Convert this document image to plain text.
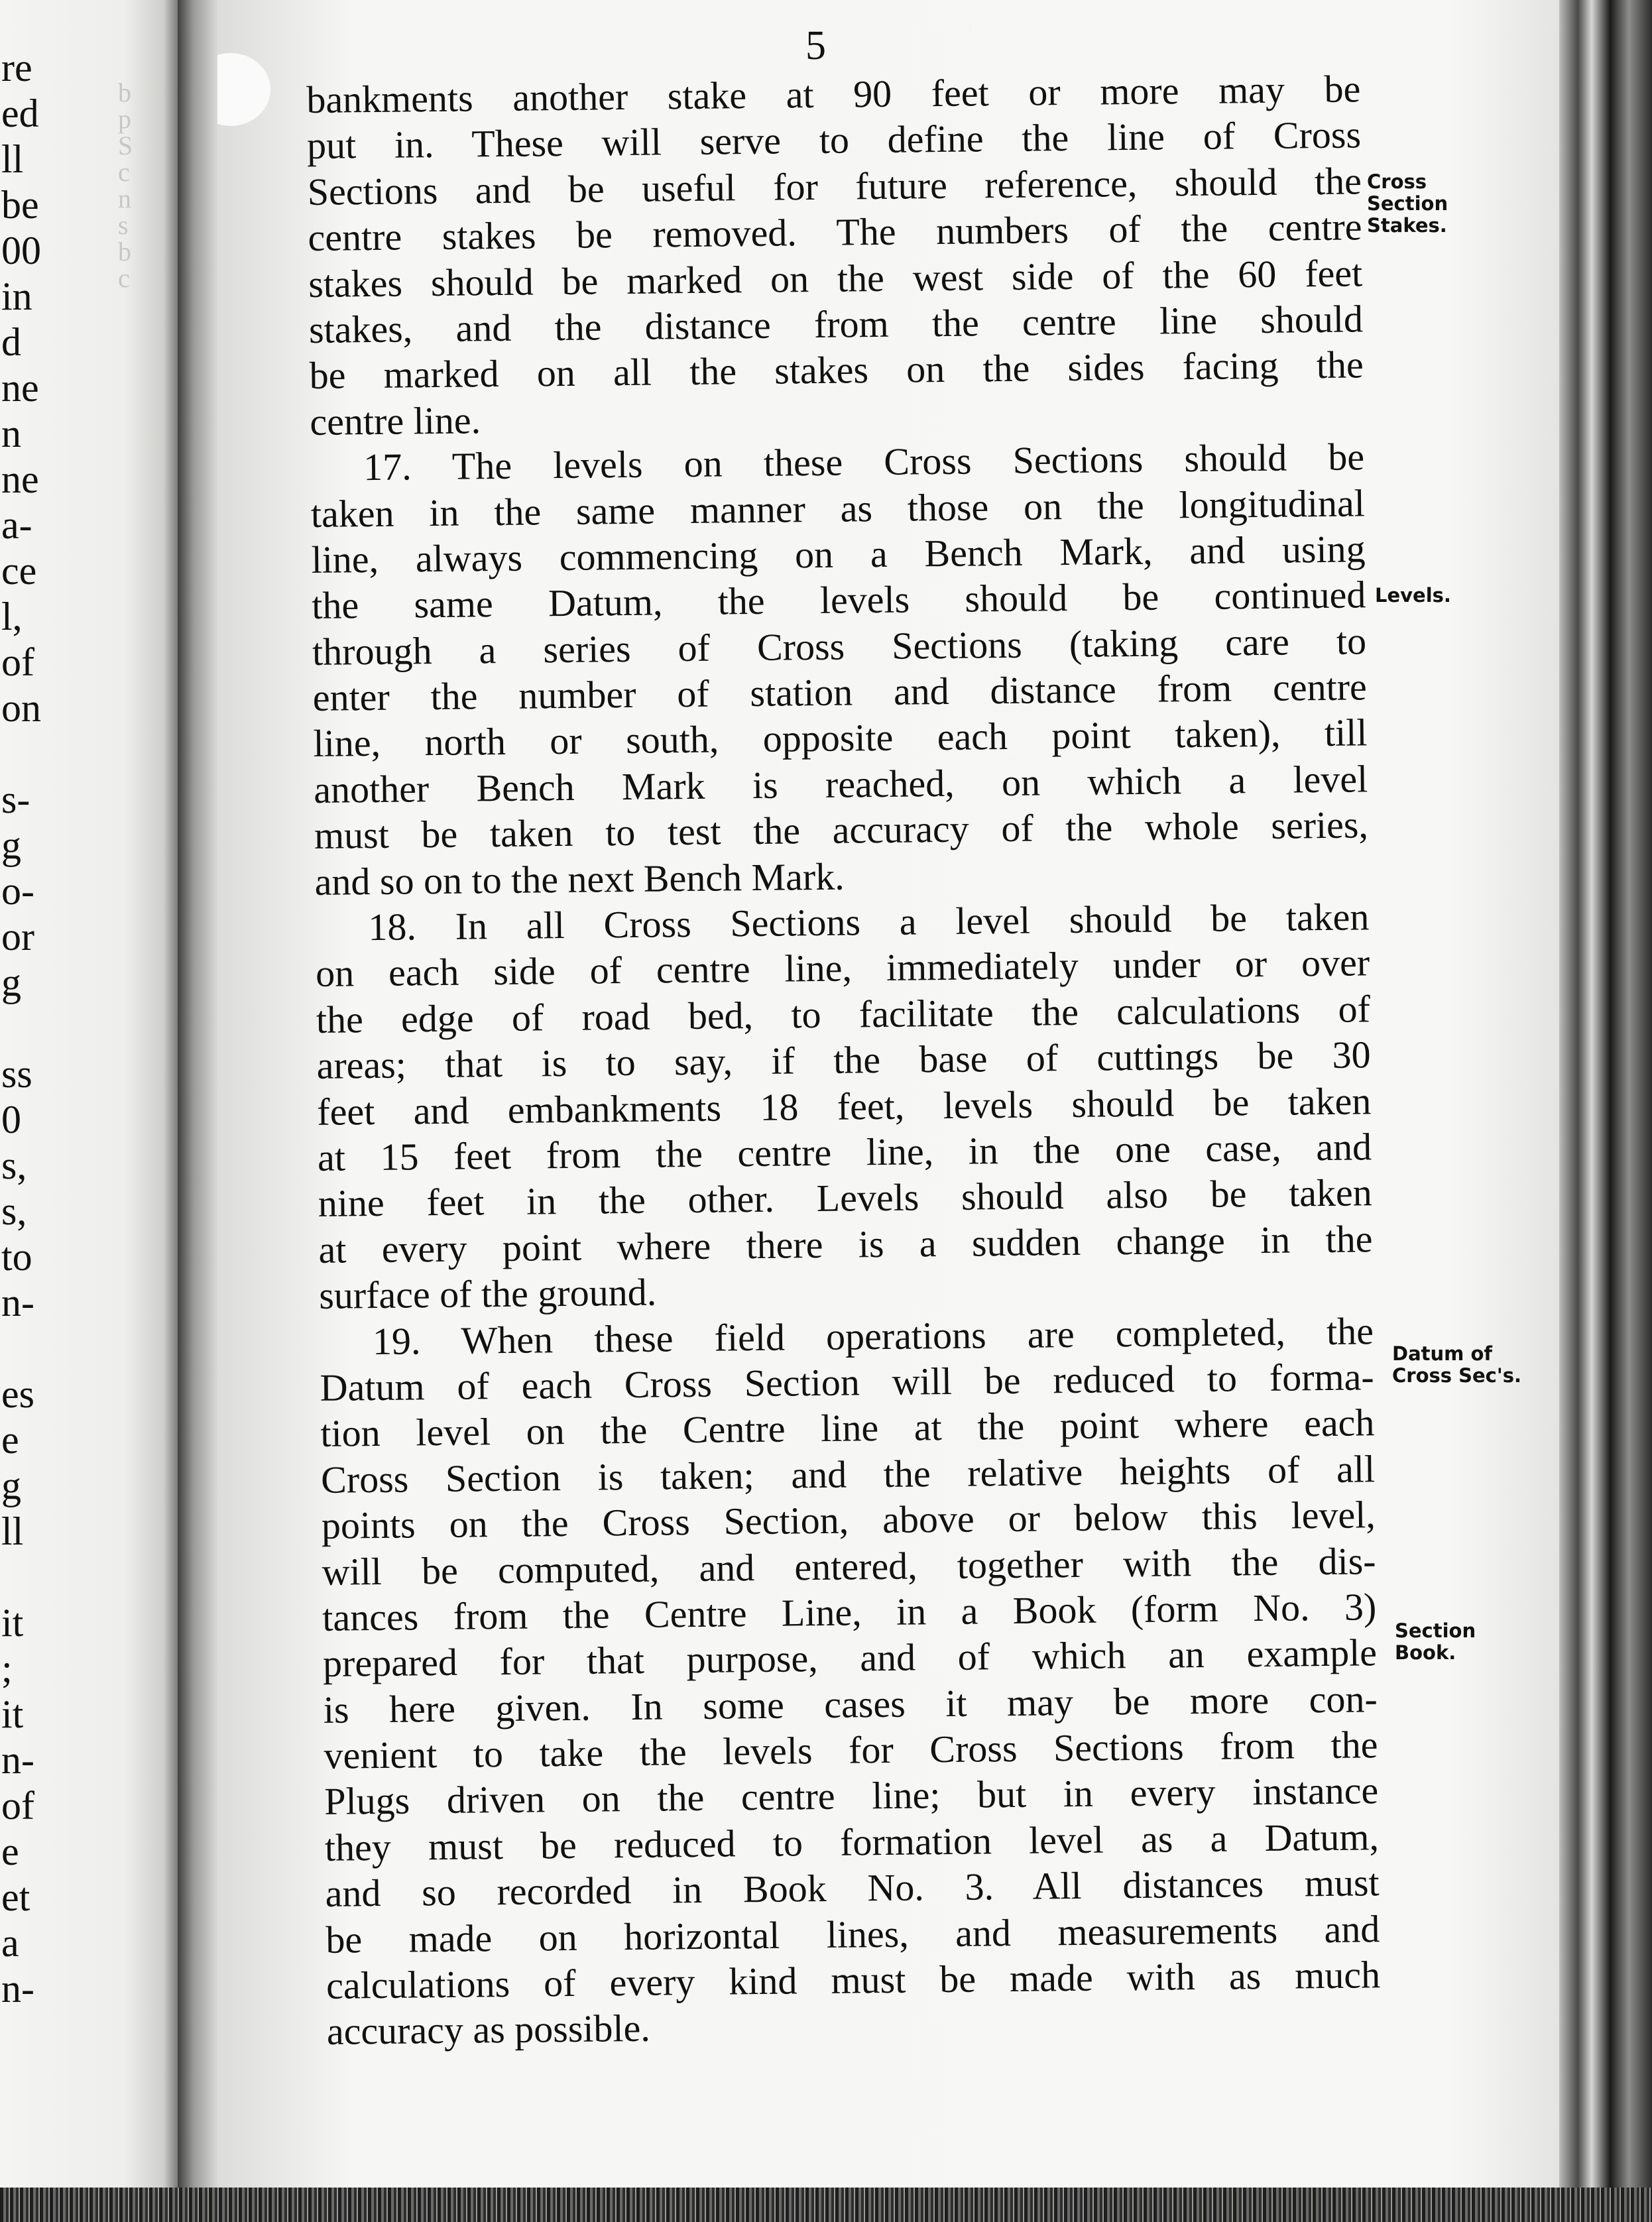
b
p
S
c
n
s
b
c
re
ed
ll
be
00
in
d
ne
n
ne
a-
ce
l,
of
on
s-
g
o-
or
g
ss
0
s,
s,
to
n-
es
e
g
ll
it
;
it
n-
of
e
et
a
n-
5
bankments another stake at 90 feet or more may be
put in. These will serve to define the line of Cross
Sections and be useful for future reference, should the
centre stakes be removed. The numbers of the centre
stakes should be marked on the west side of the 60 feet
stakes, and the distance from the centre line should
be marked on all the stakes on the sides facing the
centre line.
17. The levels on these Cross Sections should be
taken in the same manner as those on the longitudinal
line, always commencing on a Bench Mark, and using
the same Datum, the levels should be continued
through a series of Cross Sections (taking care to
enter the number of station and distance from centre
line, north or south, opposite each point taken), till
another Bench Mark is reached, on which a level
must be taken to test the accuracy of the whole series,
and so on to the next Bench Mark.
18. In all Cross Sections a level should be taken
on each side of centre line, immediately under or over
the edge of road bed, to facilitate the calculations of
areas; that is to say, if the base of cuttings be 30
feet and embankments 18 feet, levels should be taken
at 15 feet from the centre line, in the one case, and
nine feet in the other. Levels should also be taken
at every point where there is a sudden change in the
surface of the ground.
19. When these field operations are completed, the
Datum of each Cross Section will be reduced to forma-
tion level on the Centre line at the point where each
Cross Section is taken; and the relative heights of all
points on the Cross Section, above or below this level,
will be computed, and entered, together with the dis-
tances from the Centre Line, in a Book (form No. 3)
prepared for that purpose, and of which an example
is here given. In some cases it may be more con-
venient to take the levels for Cross Sections from the
Plugs driven on the centre line; but in every instance
they must be reduced to formation level as a Datum,
and so recorded in Book No. 3. All distances must
be made on horizontal lines, and measurements and
calculations of every kind must be made with as much
accuracy as possible.
Cross
Section
Stakes.
Levels.
Datum of
Cross Sec's.
Section
Book.
